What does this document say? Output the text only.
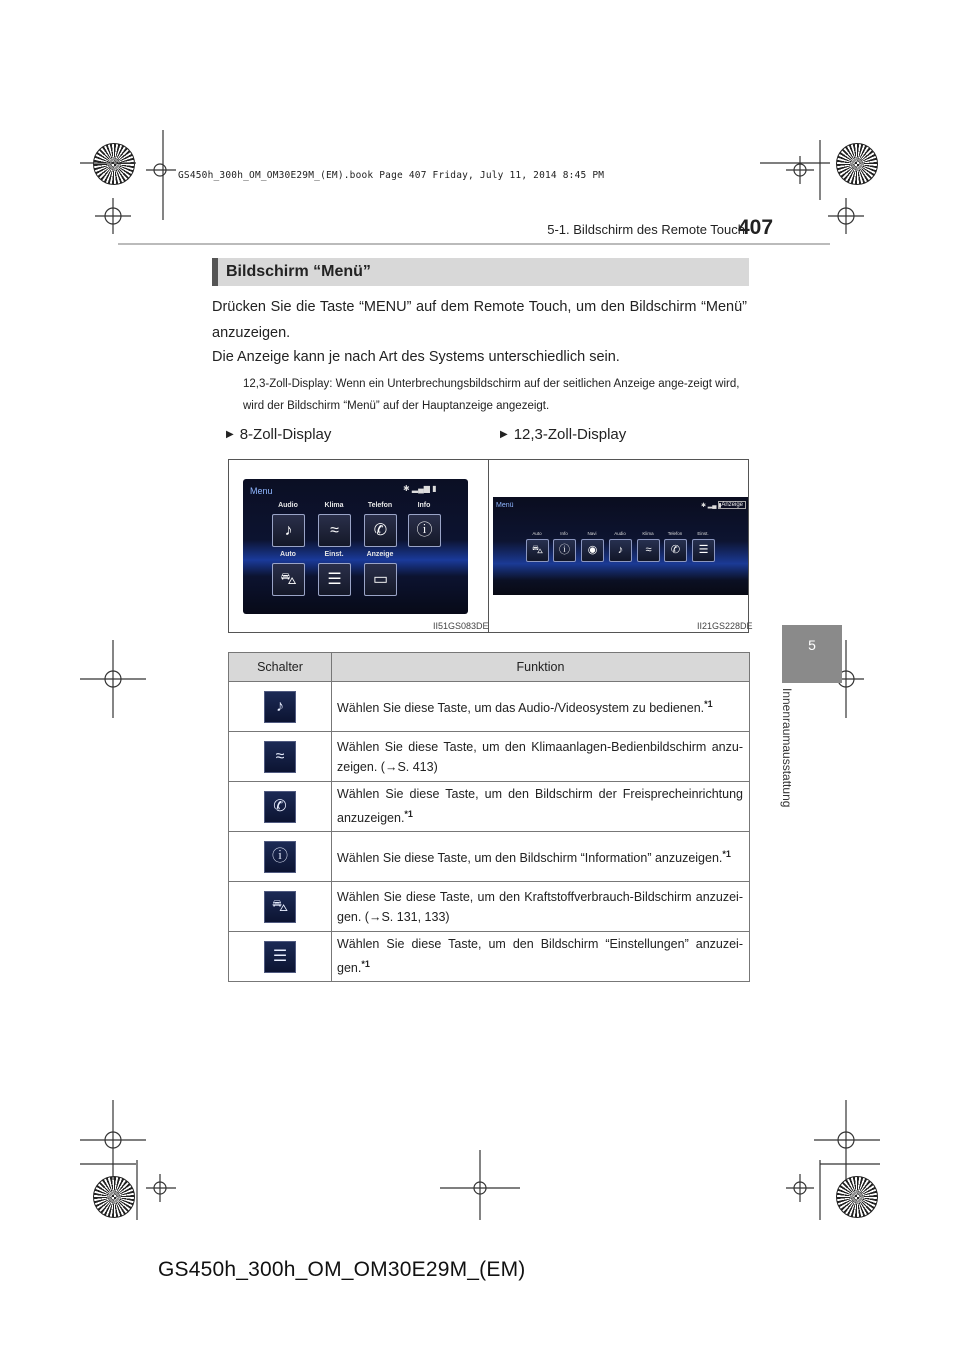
GS450h_300h_OM_OM30E29M_(EM).book Page 407 Friday, July 11, 2014 8:45 PM
5-1. Bildschirm des Remote Touch
407
5
Innenraumausstattung
Bildschirm “Menü”
Drücken Sie die Taste “MENU” auf dem Remote Touch, um den Bildschirm “Menü” anzuzeigen.
Die Anzeige kann je nach Art des Systems unterschiedlich sein.
12,3-Zoll-Display: Wenn ein Unterbrechungsbildschirm auf der seitlichen Anzeige ange-zeigt wird, wird der Bildschirm “Menü” auf der Hauptanzeige angezeigt.
▶ 8-Zoll-Display	▶ 12,3-Zoll-Display
Menu	✱ ▂▄▆ ▮
Audio	Klima	Telefon	Info
♪	≈	✆	ⓘ
Auto	Einst.	Anzeige
⛍	☰	▭
II51GS083DE
Menü	✱ ▂▄ ▮ Anzeige
Auto	Info	Navi	Audio	Klima	Telefon	Einst.
⛍	ⓘ	◉	♪	≈	✆	☰
II21GS228DE
Schalter	Funktion
♪	Wählen Sie diese Taste, um das Audio-/Videosystem zu bedienen.$^{*1}$
≈	Wählen Sie diese Taste, um den Klimaanlagen-Bedienbildschirm anzu-zeigen. (→S. 413)
✆	Wählen Sie diese Taste, um den Bildschirm der Freisprecheinrichtung anzuzeigen.$^{*1}$
ⓘ	Wählen Sie diese Taste, um den Bildschirm “Information” anzuzeigen.$^{*1}$
⛍	Wählen Sie diese Taste, um den Kraftstoffverbrauch-Bildschirm anzuzei-gen. (→S. 131, 133)
☰	Wählen Sie diese Taste, um den Bildschirm “Einstellungen” anzuzei-gen.$^{*1}$
GS450h_300h_OM_OM30E29M_(EM)
